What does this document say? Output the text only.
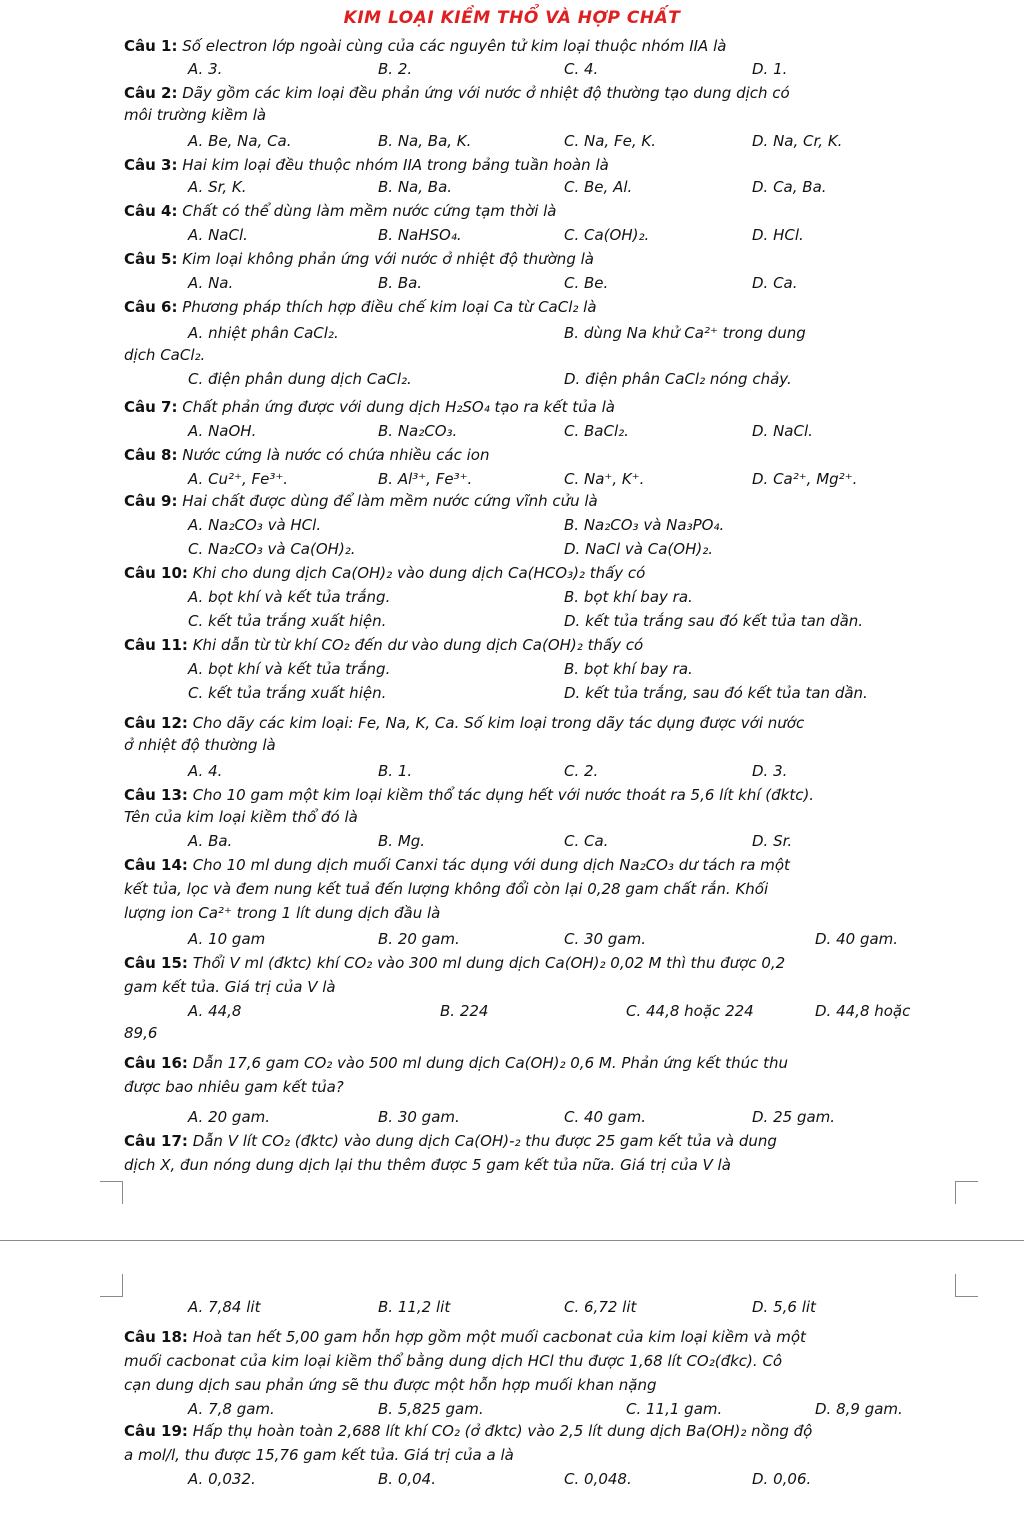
KIM LOẠI KIỀM THỔ VÀ HỢP CHẤT
Câu 1: Số electron lớp ngoài cùng của các nguyên tử kim loại thuộc nhóm IIA là
A. 3.	B. 2.	C. 4.	D. 1.
Câu 2: Dãy gồm các kim loại đều phản ứng với nước ở nhiệt độ thường tạo dung dịch có
môi trường kiềm là
A. Be, Na, Ca.	B. Na, Ba, K.	C. Na, Fe, K.	D. Na, Cr, K.
Câu 3: Hai kim loại đều thuộc nhóm IIA trong bảng tuần hoàn là
A. Sr, K.	B. Na, Ba.	C. Be, Al.	D. Ca, Ba.
Câu 4: Chất có thể dùng làm mềm nước cứng tạm thời là
A. NaCl.	B. NaHSO₄.	C. Ca(OH)₂.	D. HCl.
Câu 5: Kim loại không phản ứng với nước ở nhiệt độ thường là
A. Na.	B. Ba.	C. Be.	D. Ca.
Câu 6: Phương pháp thích hợp điều chế kim loại Ca từ CaCl₂ là
A. nhiệt phân CaCl₂.	B. dùng Na khử Ca²⁺ trong dung
dịch CaCl₂.
C. điện phân dung dịch CaCl₂.	D. điện phân CaCl₂ nóng chảy.
Câu 7: Chất phản ứng được với dung dịch H₂SO₄ tạo ra kết tủa là
A. NaOH.	B. Na₂CO₃.	C. BaCl₂.	D. NaCl.
Câu 8: Nước cứng là nước có chứa nhiều các ion
A. Cu²⁺, Fe³⁺.	B. Al³⁺, Fe³⁺.	C. Na⁺, K⁺.	D. Ca²⁺, Mg²⁺.
Câu 9: Hai chất được dùng để làm mềm nước cứng vĩnh cửu là
A. Na₂CO₃ và HCl.	B. Na₂CO₃ và Na₃PO₄.
C. Na₂CO₃ và Ca(OH)₂.	D. NaCl và Ca(OH)₂.
Câu 10: Khi cho dung dịch Ca(OH)₂ vào dung dịch Ca(HCO₃)₂ thấy có
A. bọt khí và kết tủa trắng.	B. bọt khí bay ra.
C. kết tủa trắng xuất hiện.	D. kết tủa trắng sau đó kết tủa tan dần.
Câu 11: Khi dẫn từ từ khí CO₂ đến dư vào dung dịch Ca(OH)₂ thấy có
A. bọt khí và kết tủa trắng.	B. bọt khí bay ra.
C. kết tủa trắng xuất hiện.	D. kết tủa trắng, sau đó kết tủa tan dần.
Câu 12: Cho dãy các kim loại: Fe, Na, K, Ca. Số kim loại trong dãy tác dụng được với nước
ở nhiệt độ thường là
A. 4.	B. 1.	C. 2.	D. 3.
Câu 13: Cho 10 gam một kim loại kiềm thổ tác dụng hết với nước thoát ra 5,6 lít khí (đktc).
Tên của kim loại kiềm thổ đó là
A. Ba.	B. Mg.	C. Ca.	D. Sr.
Câu 14: Cho 10 ml dung dịch muối Canxi tác dụng với dung dịch Na₂CO₃ dư tách ra một
kết tủa, lọc và đem nung kết tuả đến lượng không đổi còn lại 0,28 gam chất rắn. Khối
lượng ion Ca²⁺ trong 1 lít dung dịch đầu là
A. 10 gam	B. 20 gam.	C. 30 gam.	D. 40 gam.
Câu 15: Thổi V ml (đktc) khí CO₂ vào 300 ml dung dịch Ca(OH)₂ 0,02 M thì thu được 0,2
gam kết tủa. Giá trị của V là
A. 44,8	B. 224	C. 44,8 hoặc 224	D. 44,8 hoặc
89,6
Câu 16: Dẫn 17,6 gam CO₂ vào 500 ml dung dịch Ca(OH)₂ 0,6 M. Phản ứng kết thúc thu
được bao nhiêu gam kết tủa?
A. 20 gam.	B. 30 gam.	C. 40 gam.	D. 25 gam.
Câu 17: Dẫn V lít CO₂ (đktc) vào dung dịch Ca(OH)-₂ thu được 25 gam kết tủa và dung
dịch X, đun nóng dung dịch lại thu thêm được 5 gam kết tủa nữa. Giá trị của V là
A. 7,84 lit	B. 11,2 lit	C. 6,72 lit	D. 5,6 lit
Câu 18: Hoà tan hết 5,00 gam hỗn hợp gồm một muối cacbonat của kim loại kiềm và một
muối cacbonat của kim loại kiềm thổ bằng dung dịch HCl thu được 1,68 lít CO₂(đkc). Cô
cạn dung dịch sau phản ứng sẽ thu được một hỗn hợp muối khan nặng
A. 7,8 gam.	B. 5,825 gam.	C. 11,1 gam.	D. 8,9 gam.
Câu 19: Hấp thụ hoàn toàn 2,688 lít khí CO₂ (ở đktc) vào 2,5 lít dung dịch Ba(OH)₂ nồng độ
a mol/l, thu được 15,76 gam kết tủa. Giá trị của a là
A. 0,032.	B. 0,04.	C. 0,048.	D. 0,06.
